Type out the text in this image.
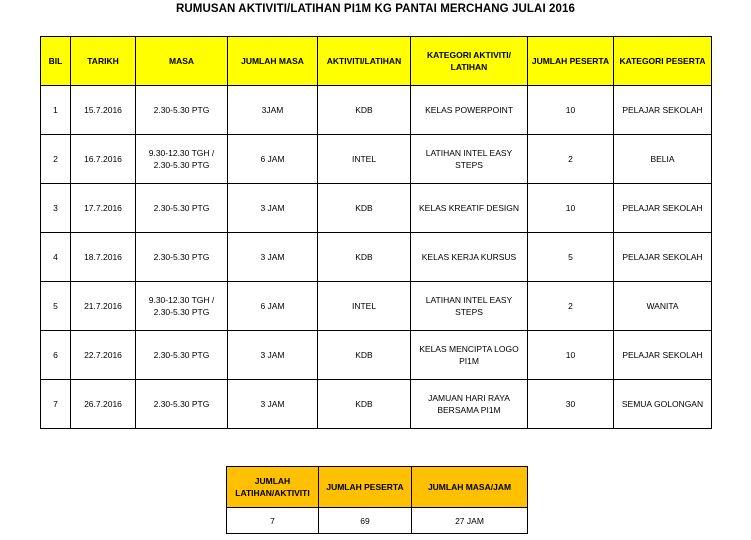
RUMUSAN AKTIVITI/LATIHAN PI1M KG PANTAI MERCHANG JULAI 2016
BIL	TARIKH	MASA	JUMLAH MASA	AKTIVITI/LATIHAN	KATEGORI AKTIVITI/ LATIHAN	JUMLAH PESERTA	KATEGORI PESERTA
1	15.7.2016	2.30-5.30 PTG	3JAM	KDB	KELAS POWERPOINT	10	PELAJAR SEKOLAH
2	16.7.2016	9.30-12.30 TGH / 2.30-5.30 PTG	6 JAM	INTEL	LATIHAN INTEL EASY STEPS	2	BELIA
3	17.7.2016	2.30-5.30 PTG	3 JAM	KDB	KELAS KREATIF DESIGN	10	PELAJAR SEKOLAH
4	18.7.2016	2.30-5.30 PTG	3 JAM	KDB	KELAS KERJA KURSUS	5	PELAJAR SEKOLAH
5	21.7.2016	9.30-12.30 TGH / 2.30-5.30 PTG	6 JAM	INTEL	LATIHAN INTEL EASY STEPS	2	WANITA
6	22.7.2016	2.30-5.30 PTG	3 JAM	KDB	KELAS MENCIPTA LOGO PI1M	10	PELAJAR SEKOLAH
7	26.7.2016	2.30-5.30 PTG	3 JAM	KDB	JAMUAN HARI RAYA BERSAMA PI1M	30	SEMUA GOLONGAN
JUMLAH LATIHAN/AKTIVITI	JUMLAH PESERTA	JUMLAH MASA/JAM
7	69	27 JAM
